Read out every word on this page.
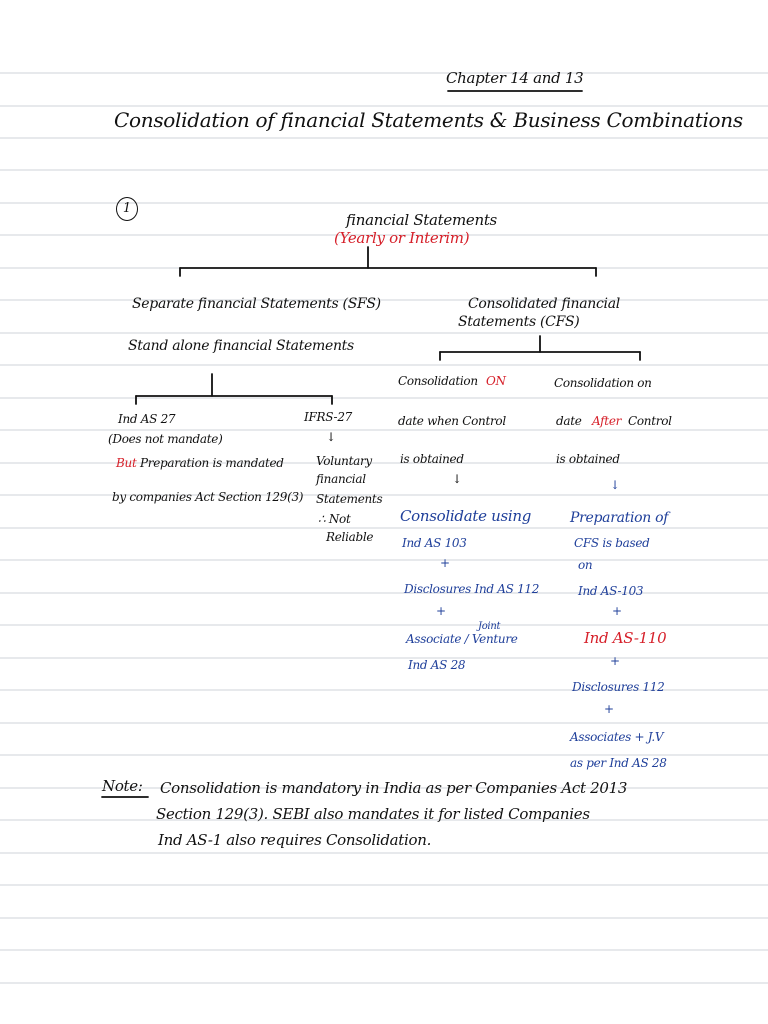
Chapter 14 and 13
Consolidation of financial Statements & Business Combinations
1
financial Statements
(Yearly or Interim)
Separate financial Statements (SFS)
Stand alone financial Statements
Ind AS 27
(Does not mandate)
But Preparation is mandated
by companies Act Section 129(3)
IFRS-27
↓
Voluntary
financial
Statements
∴ Not
Reliable
Consolidated financial
Statements (CFS)
Consolidation ON
date when Control
is obtained
↓
Consolidate using
Ind AS 103
+
Disclosures Ind AS 112
+
Joint
Associate / Venture
Ind AS 28
Consolidation on
date After Control
is obtained
↓
Preparation of
CFS is based
on
Ind AS-103
+
Ind AS-110
+
Disclosures 112
+
Associates + J.V
as per Ind AS 28
Note: Consolidation is mandatory in India as per Companies Act 2013
Section 129(3). SEBI also mandates it for listed Companies
Ind AS-1 also requires Consolidation.
